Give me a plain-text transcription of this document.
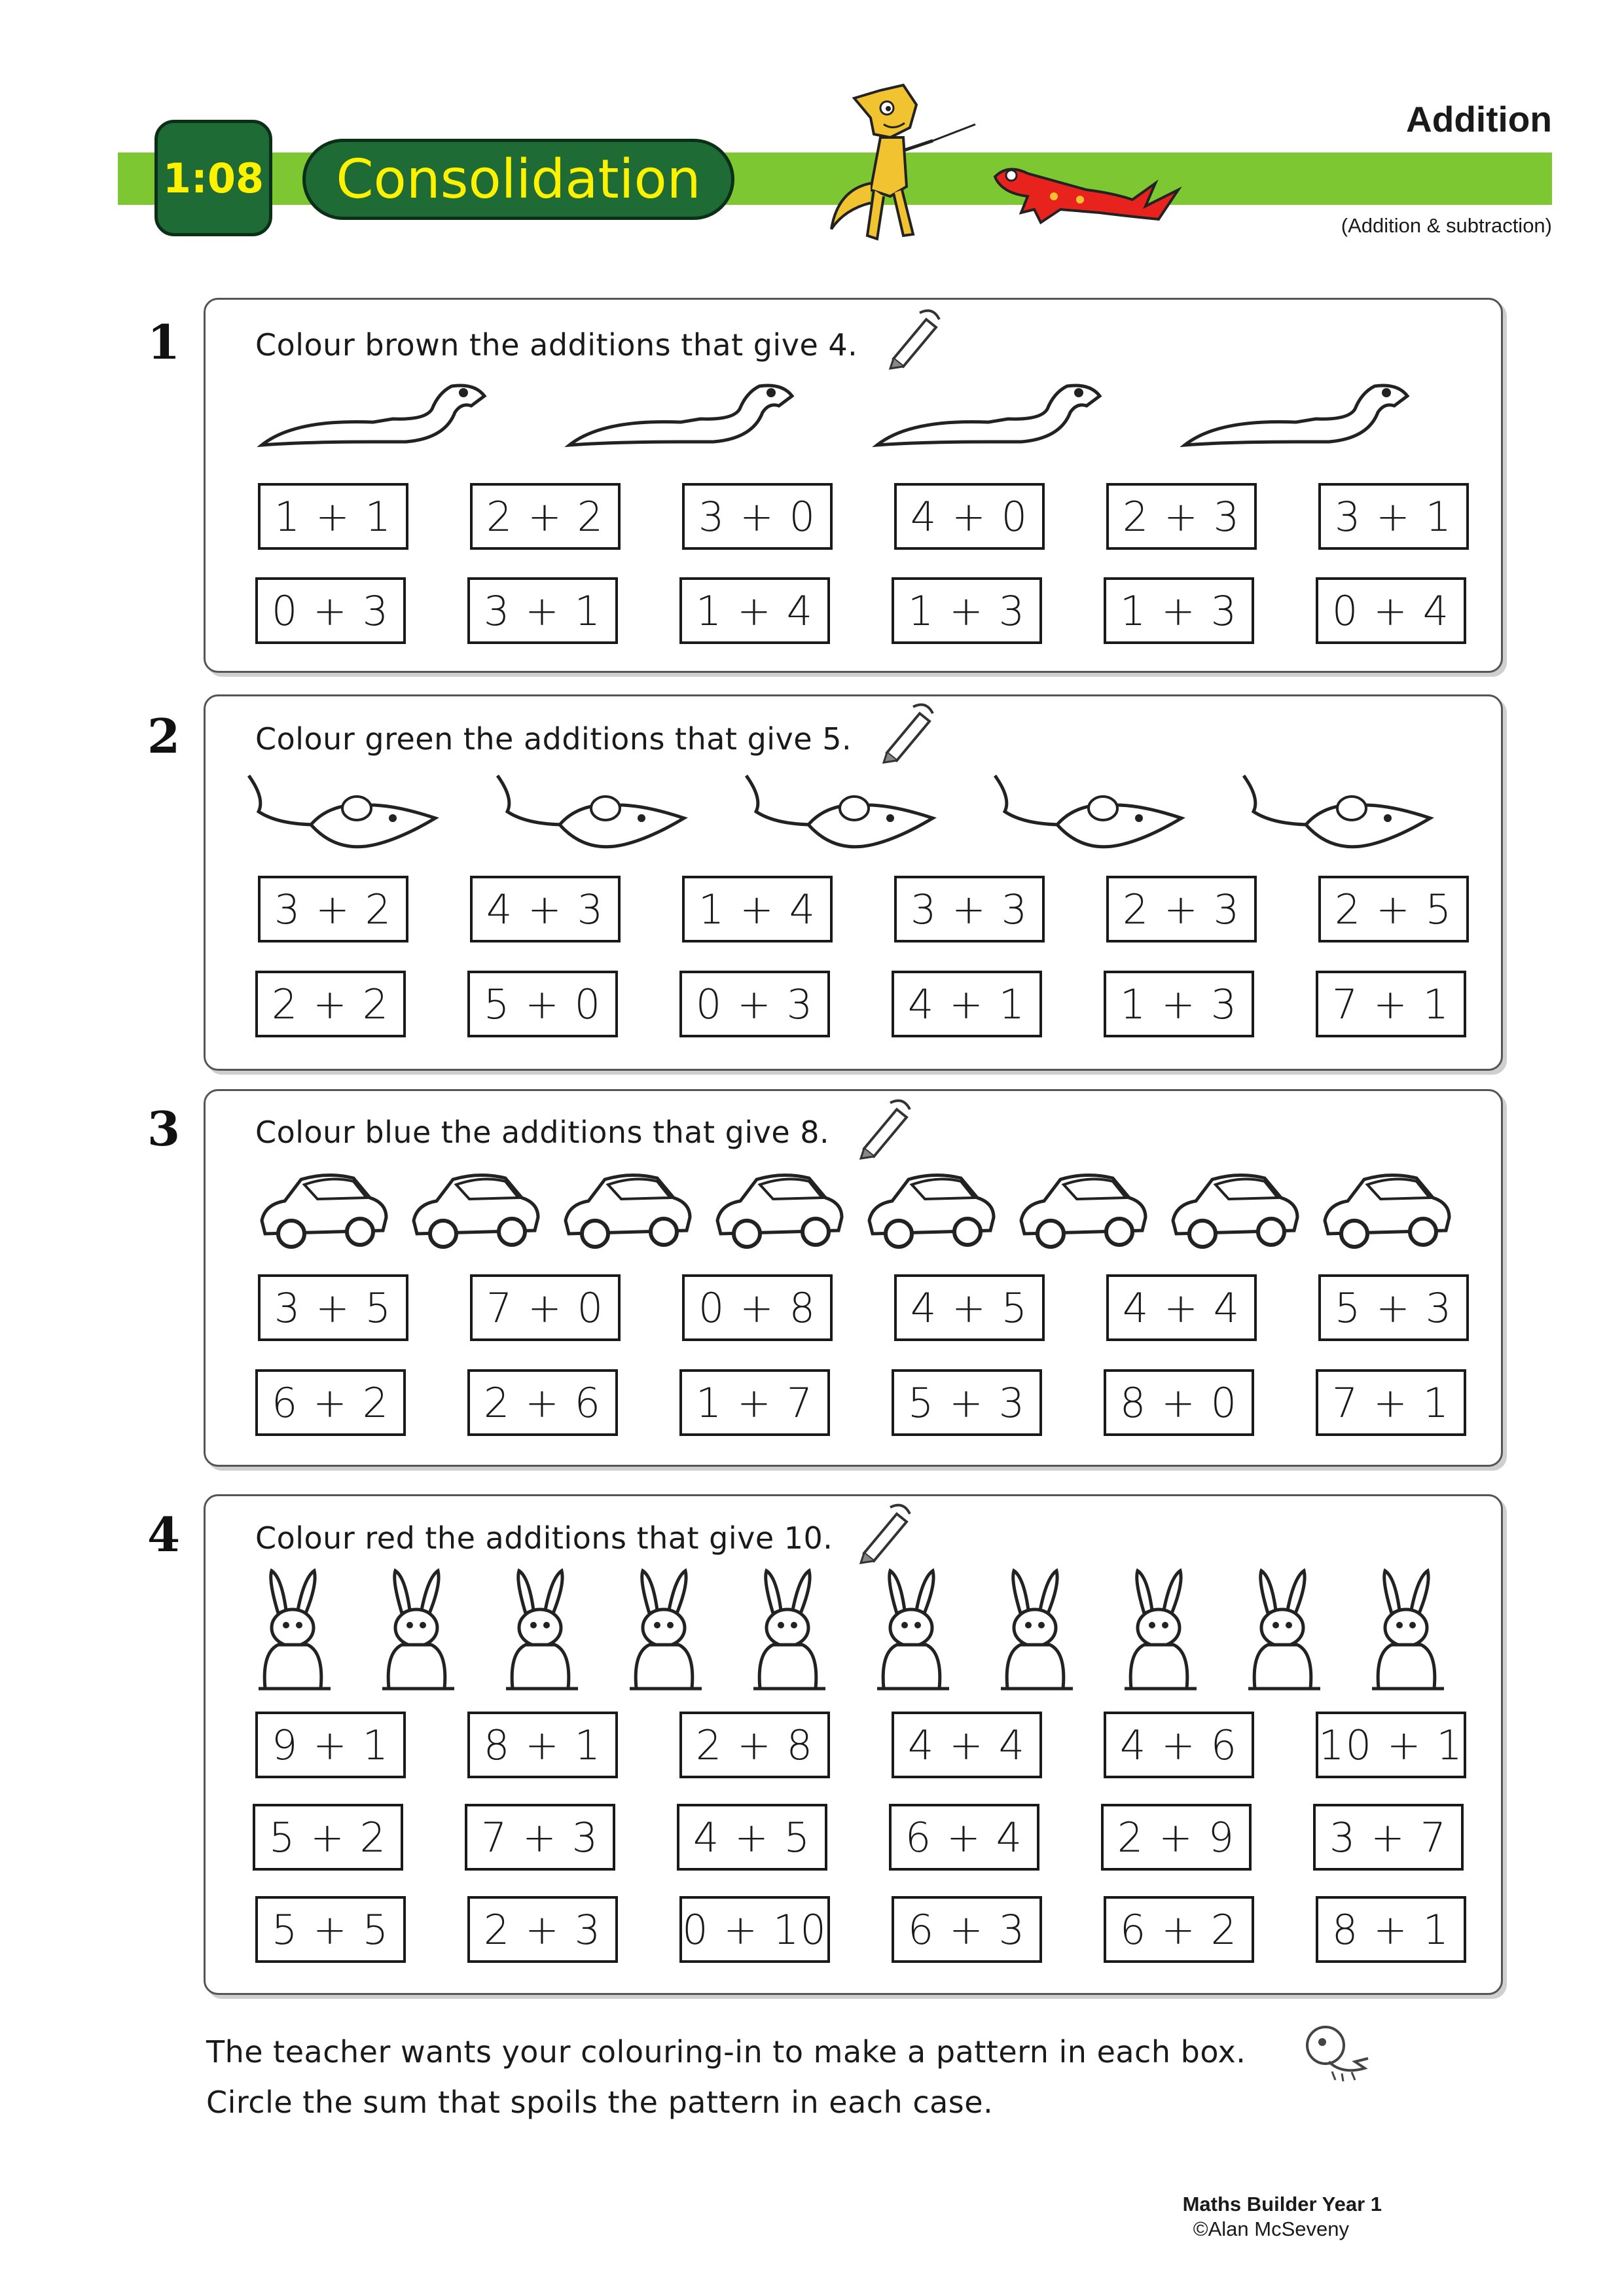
1:08 Consolidation
Addition
(Addition & subtraction)
1 Colour brown the additions that give 4.
1 + 1	2 + 2	3 + 0	4 + 0	2 + 3	3 + 1
0 + 3	3 + 1	1 + 4	1 + 3	1 + 3	0 + 4
2 Colour green the additions that give 5.
3 + 2	4 + 3	1 + 4	3 + 3	2 + 3	2 + 5
2 + 2	5 + 0	0 + 3	4 + 1	1 + 3	7 + 1
3 Colour blue the additions that give 8.
3 + 5	7 + 0	0 + 8	4 + 5	4 + 4	5 + 3
6 + 2	2 + 6	1 + 7	5 + 3	8 + 0	7 + 1
4 Colour red the additions that give 10.
9 + 1	8 + 1	2 + 8	4 + 4	4 + 6	10 + 1
5 + 2	7 + 3	4 + 5	6 + 4	2 + 9	3 + 7
5 + 5	2 + 3	0 + 10	6 + 3	6 + 2	8 + 1
The teacher wants your colouring-in to make a pattern in each box.
Circle the sum that spoils the pattern in each case.
Maths Builder Year 1
©Alan McSeveny
